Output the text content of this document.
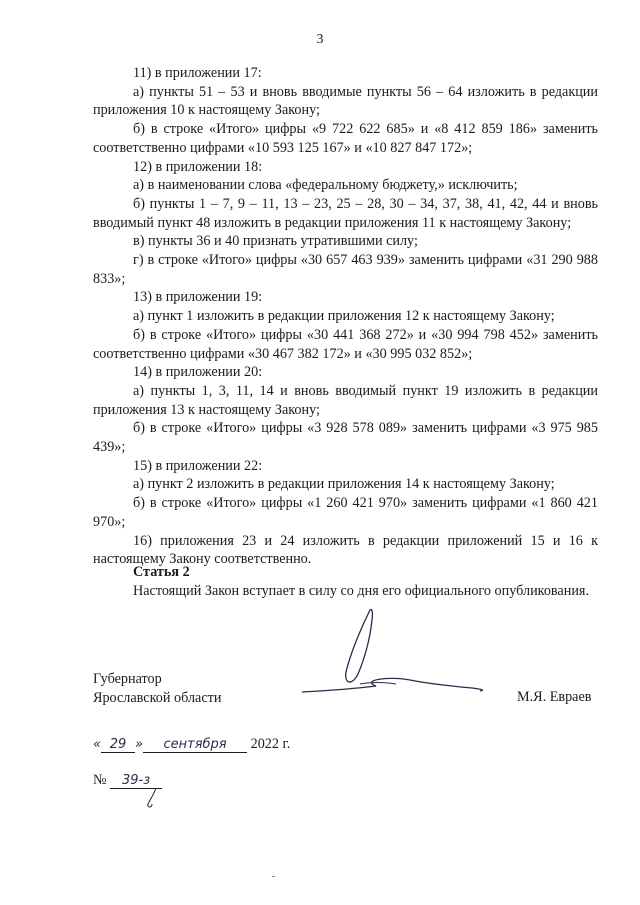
3

11) в приложении 17:

а) пункты 51 – 53 и вновь вводимые пункты 56 – 64 изложить в редакции приложения 10 к настоящему Закону;

б) в строке «Итого» цифры «9 722 622 685» и «8 412 859 186» заменить соответственно цифрами «10 593 125 167» и «10 827 847 172»;

12) в приложении 18:

а) в наименовании слова «федеральному бюджету,» исключить;

б) пункты 1 – 7, 9 – 11, 13 – 23, 25 – 28, 30 – 34, 37, 38, 41, 42, 44 и вновь вводимый пункт 48 изложить в редакции приложения 11 к настоящему Закону;

в) пункты 36 и 40 признать утратившими силу;

г) в строке «Итого» цифры «30 657 463 939» заменить цифрами «31 290 988 833»;

13) в приложении 19:

а) пункт 1 изложить в редакции приложения 12 к настоящему Закону;

б) в строке «Итого» цифры «30 441 368 272» и «30 994 798 452» заменить соответственно цифрами «30 467 382 172» и «30 995 032 852»;

14) в приложении 20:

а) пункты 1, 3, 11, 14 и вновь вводимый пункт 19 изложить в редакции приложения 13 к настоящему Закону;

б) в строке «Итого» цифры «3 928 578 089» заменить цифрами «3 975 985 439»;

15) в приложении 22:

а) пункт 2 изложить в редакции приложения 14 к настоящему Закону;

б) в строке «Итого» цифры «1 260 421 970» заменить цифрами «1 860 421 970»;

16) приложения 23 и 24 изложить в редакции приложений 15 и 16 к настоящему Закону соответственно.

Статья 2

Настоящий Закон вступает в силу со дня его официального опубликования.

Губернатор
Ярославской области	М.Я. Евраев
« 29 » сентября 2022 г.
№ 39-з
